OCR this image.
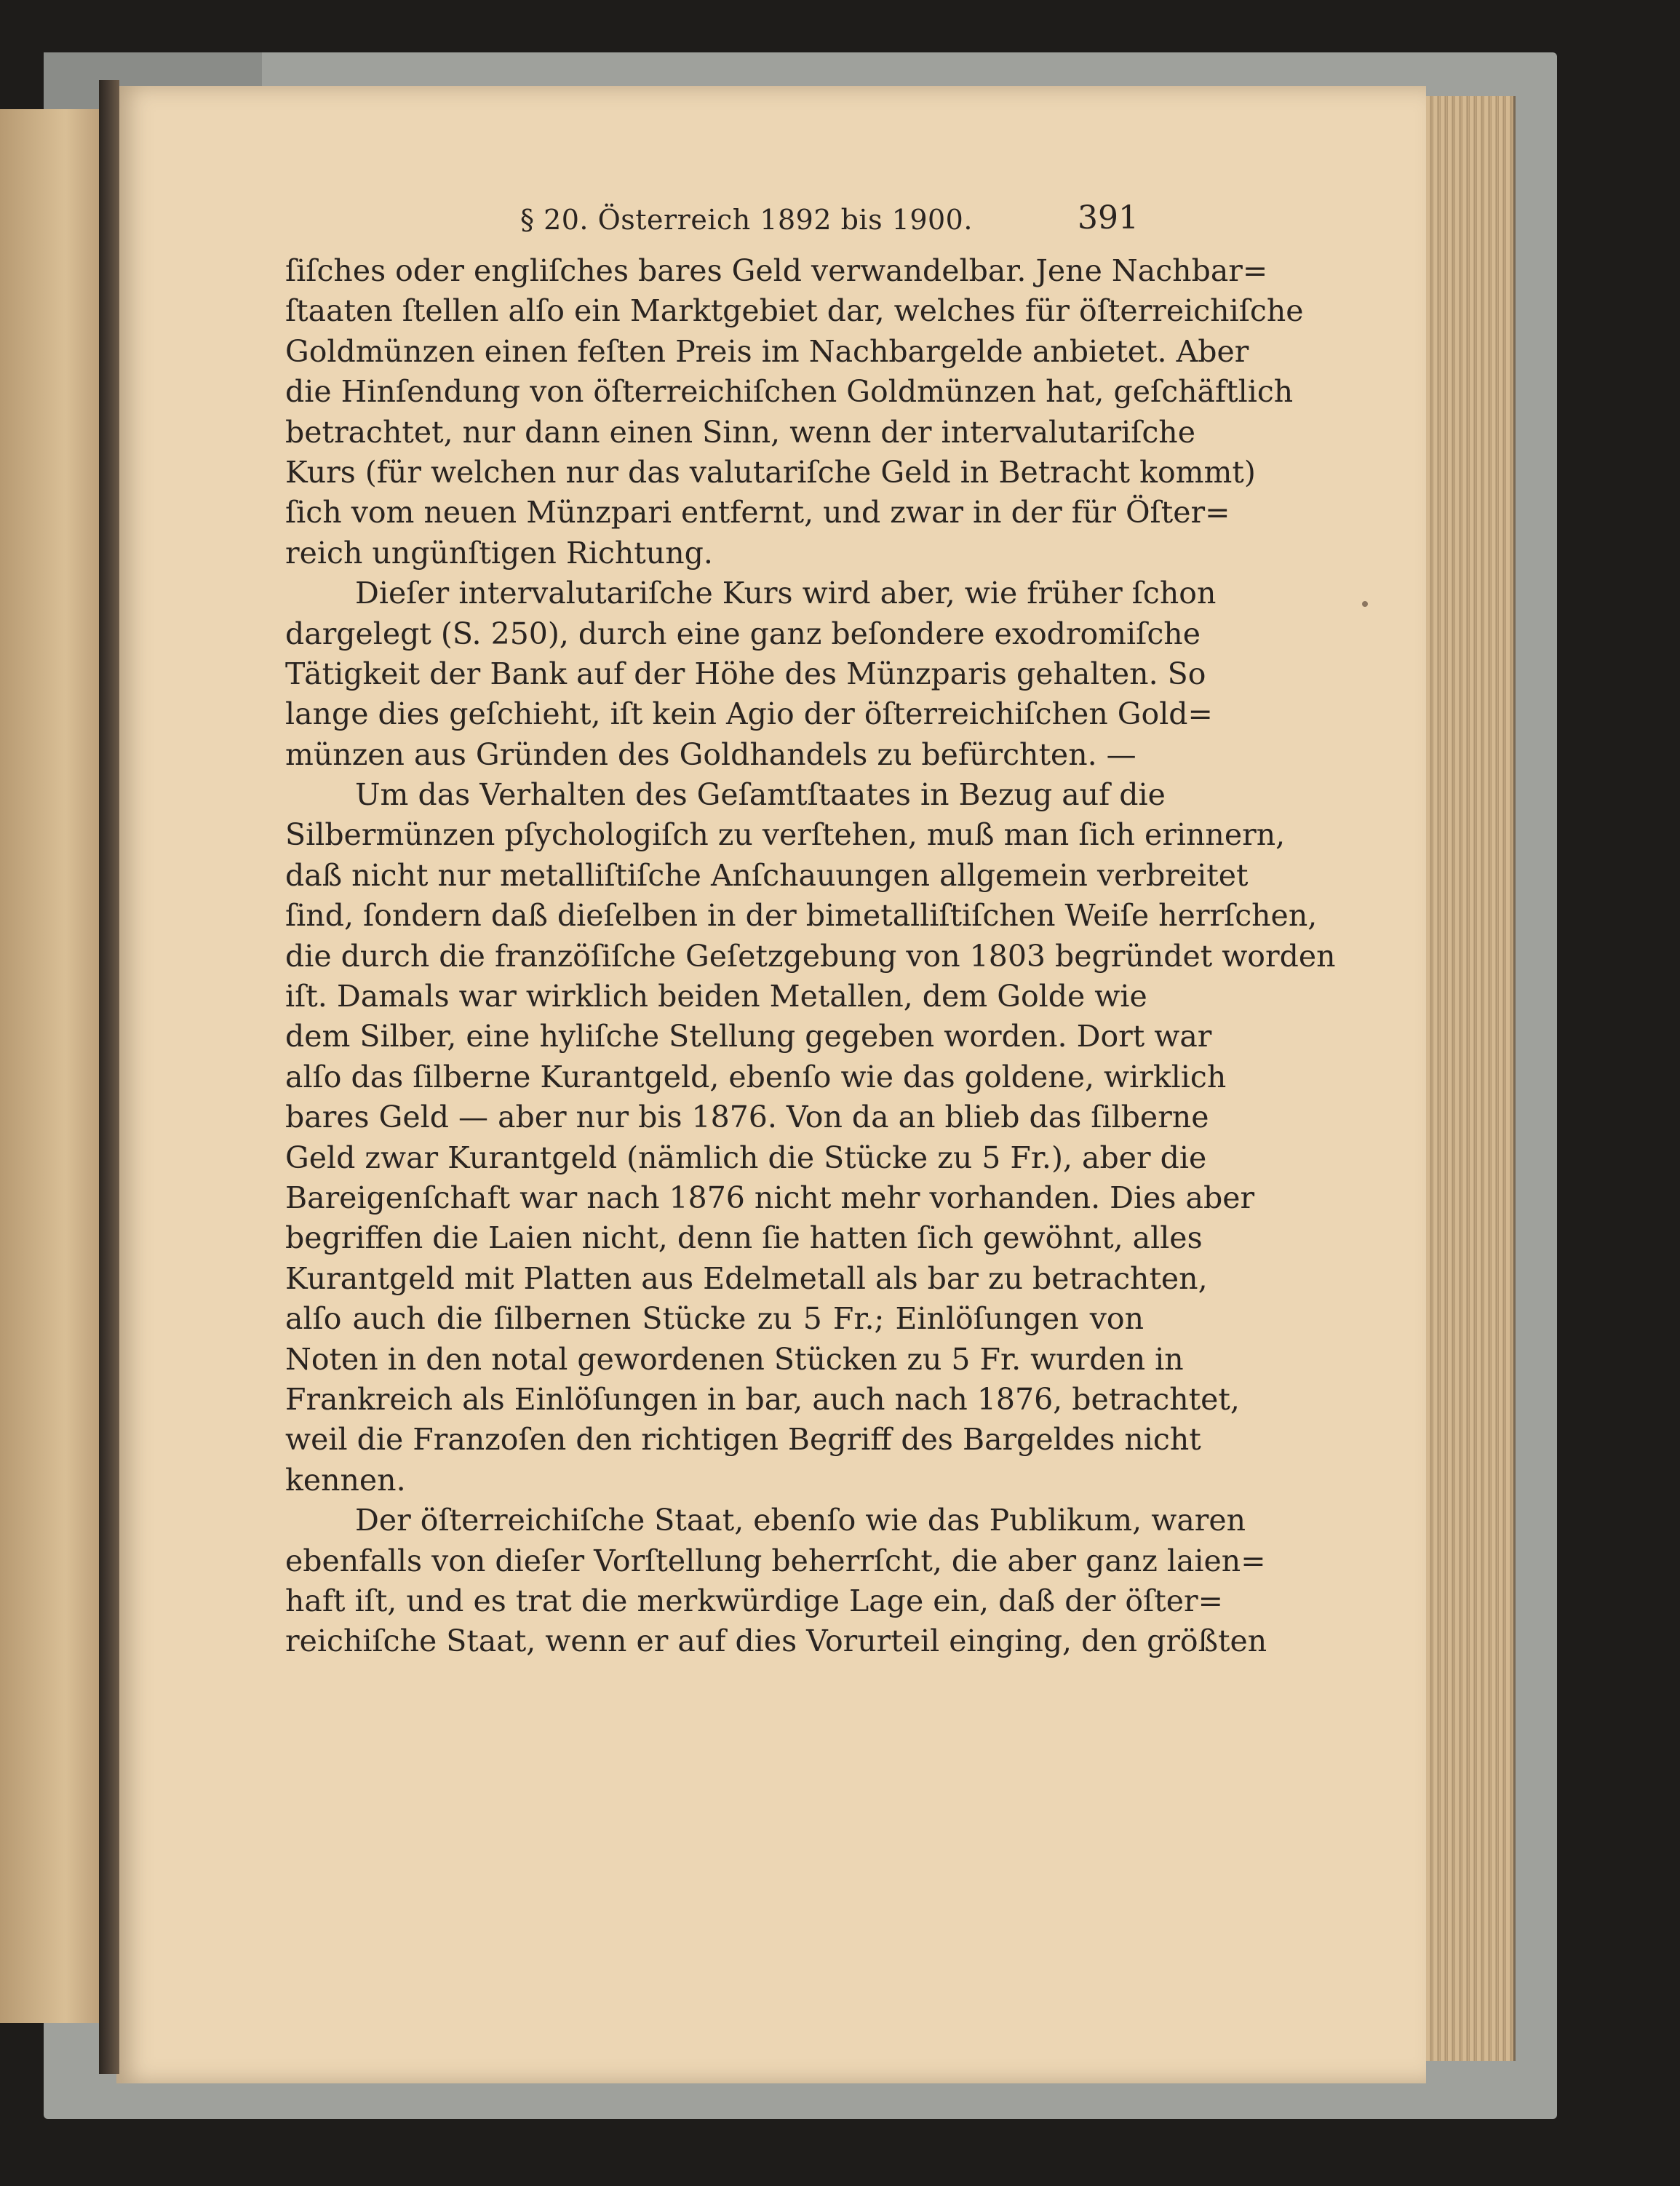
§ 20. Österreich 1892 bis 1900.	391
ſiſches oder engliſches bares Geld verwandelbar. Jene Nachbar=
ſtaaten ſtellen alſo ein Marktgebiet dar, welches für öſterreichiſche
Goldmünzen einen feſten Preis im Nachbargelde anbietet. Aber
die Hinſendung von öſterreichiſchen Goldmünzen hat, geſchäftlich
betrachtet, nur dann einen Sinn, wenn der intervalutariſche
Kurs (für welchen nur das valutariſche Geld in Betracht kommt)
ſich vom neuen Münzpari entfernt, und zwar in der für Öſter=
reich ungünſtigen Richtung.
Dieſer intervalutariſche Kurs wird aber, wie früher ſchon
dargelegt (S. 250), durch eine ganz beſondere exodromiſche
Tätigkeit der Bank auf der Höhe des Münzparis gehalten. So
lange dies geſchieht, iſt kein Agio der öſterreichiſchen Gold=
münzen aus Gründen des Goldhandels zu befürchten. —
Um das Verhalten des Geſamtſtaates in Bezug auf die
Silbermünzen pſychologiſch zu verſtehen, muß man ſich erinnern,
daß nicht nur metalliſtiſche Anſchauungen allgemein verbreitet
ſind, ſondern daß dieſelben in der bimetalliſtiſchen Weiſe herrſchen,
die durch die franzöſiſche Geſetzgebung von 1803 begründet worden
iſt. Damals war wirklich beiden Metallen, dem Golde wie
dem Silber, eine hyliſche Stellung gegeben worden. Dort war
alſo das ſilberne Kurantgeld, ebenſo wie das goldene, wirklich
bares Geld — aber nur bis 1876. Von da an blieb das ſilberne
Geld zwar Kurantgeld (nämlich die Stücke zu 5 Fr.), aber die
Bareigenſchaft war nach 1876 nicht mehr vorhanden. Dies aber
begriffen die Laien nicht, denn ſie hatten ſich gewöhnt, alles
Kurantgeld mit Platten aus Edelmetall als bar zu betrachten,
alſo auch die ſilbernen Stücke zu 5 Fr.; Einlöſungen von
Noten in den notal gewordenen Stücken zu 5 Fr. wurden in
Frankreich als Einlöſungen in bar, auch nach 1876, betrachtet,
weil die Franzoſen den richtigen Begriff des Bargeldes nicht
kennen.
Der öſterreichiſche Staat, ebenſo wie das Publikum, waren
ebenfalls von dieſer Vorſtellung beherrſcht, die aber ganz laien=
haft iſt, und es trat die merkwürdige Lage ein, daß der öſter=
reichiſche Staat, wenn er auf dies Vorurteil einging, den größten
